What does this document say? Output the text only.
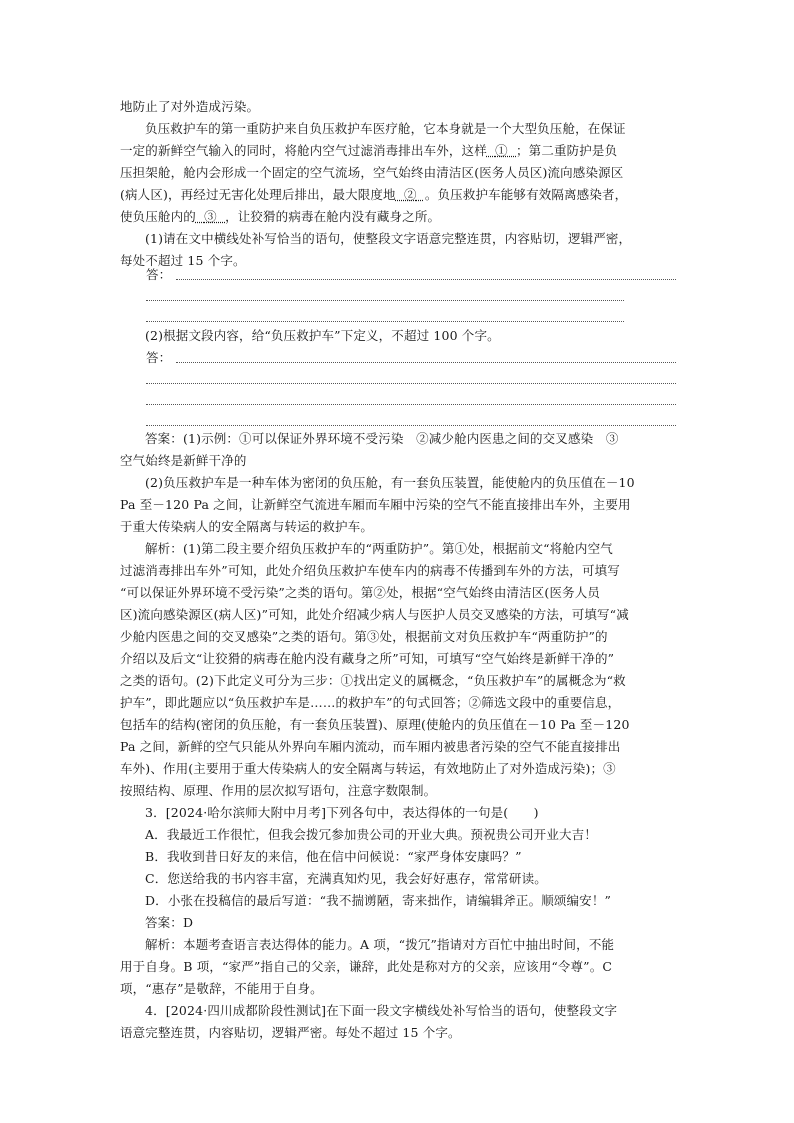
地防止了对外造成污染。
负压救护车的第一重防护来自负压救护车医疗舱，它本身就是一个大型负压舱，在保证
一定的新鲜空气输入的同时，将舱内空气过滤消毒排出车外，这样 ① ；第二重防护是负
压担架舱，舱内会形成一个固定的空气流场，空气始终由清洁区(医务人员区)流向感染源区
(病人区)，再经过无害化处理后排出，最大限度地 ② 。负压救护车能够有效隔离感染者，
使负压舱内的 ③ ，让狡猾的病毒在舱内没有藏身之所。
(1)请在文中横线处补写恰当的语句，使整段文字语意完整连贯，内容贴切，逻辑严密，
每处不超过 15 个字。
答：
(2)根据文段内容，给“负压救护车”下定义，不超过 100 个字。
答：
答案：(1)示例：①可以保证外界环境不受污染　②减少舱内医患之间的交叉感染　③
空气始终是新鲜干净的
(2)负压救护车是一种车体为密闭的负压舱，有一套负压装置，能使舱内的负压值在－10
Pa 至－120 Pa 之间，让新鲜空气流进车厢而车厢中污染的空气不能直接排出车外，主要用
于重大传染病人的安全隔离与转运的救护车。
解析：(1)第二段主要介绍负压救护车的“两重防护”。第①处，根据前文“将舱内空气
过滤消毒排出车外”可知，此处介绍负压救护车使车内的病毒不传播到车外的方法，可填写
“可以保证外界环境不受污染”之类的语句。第②处，根据“空气始终由清洁区(医务人员
区)流向感染源区(病人区)”可知，此处介绍减少病人与医护人员交叉感染的方法，可填写“减
少舱内医患之间的交叉感染”之类的语句。第③处，根据前文对负压救护车“两重防护”的
介绍以及后文“让狡猾的病毒在舱内没有藏身之所”可知，可填写“空气始终是新鲜干净的”
之类的语句。(2)下此定义可分为三步：①找出定义的属概念，“负压救护车”的属概念为“救
护车”，即此题应以“负压救护车是……的救护车”的句式回答；②筛选文段中的重要信息，
包括车的结构(密闭的负压舱，有一套负压装置)、原理(使舱内的负压值在－10 Pa 至－120
Pa 之间，新鲜的空气只能从外界向车厢内流动，而车厢内被患者污染的空气不能直接排出
车外)、作用(主要用于重大传染病人的安全隔离与转运，有效地防止了对外造成污染)；③
按照结构、原理、作用的层次拟写语句，注意字数限制。
3．[2024·哈尔滨师大附中月考]下列各句中，表达得体的一句是(　　)
A．我最近工作很忙，但我会拨冗参加贵公司的开业大典。预祝贵公司开业大吉！
B．我收到昔日好友的来信，他在信中问候说：“家严身体安康吗？”
C．您送给我的书内容丰富，充满真知灼见，我会好好惠存，常常研读。
D．小张在投稿信的最后写道：“我不揣谫陋，寄来拙作，请编辑斧正。顺颂编安！”
答案：D
解析：本题考查语言表达得体的能力。A 项，“拨冗”指请对方百忙中抽出时间，不能
用于自身。B 项，“家严”指自己的父亲，谦辞，此处是称对方的父亲，应该用“令尊”。C
项，“惠存”是敬辞，不能用于自身。
4．[2024·四川成都阶段性测试]在下面一段文字横线处补写恰当的语句，使整段文字
语意完整连贯，内容贴切，逻辑严密。每处不超过 15 个字。
